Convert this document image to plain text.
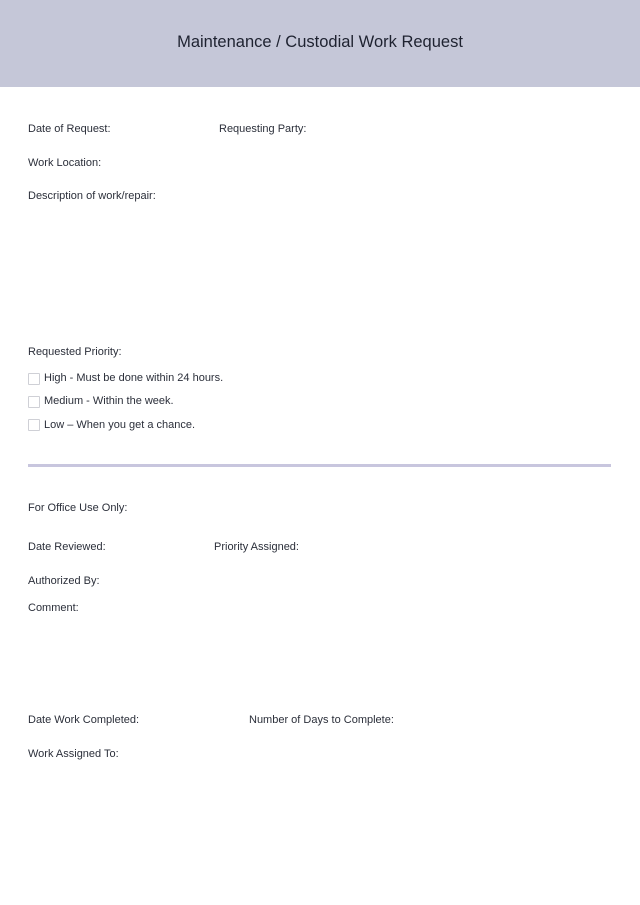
Maintenance / Custodial Work Request
Date of Request:	Requesting Party:
Work Location:
Description of work/repair:
Requested Priority:
High - Must be done within 24 hours.
Medium - Within the week.
Low – When you get a chance.
For Office Use Only:
Date Reviewed:	Priority Assigned:
Authorized By:
Comment:
Date Work Completed:	Number of Days to Complete:
Work Assigned To:
